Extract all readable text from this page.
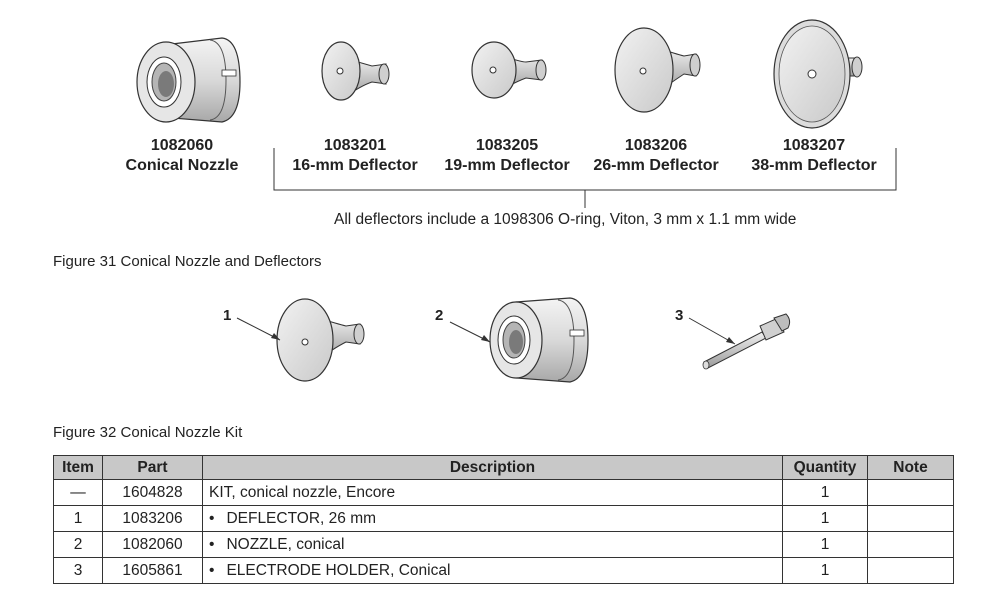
1082060
Conical Nozzle
1083201
16-mm Deflector
1083205
19-mm Deflector
1083206
26-mm Deflector
1083207
38-mm Deflector
All deflectors include a 1098306 O-ring, Viton, 3 mm x 1.1 mm wide
Figure 31 Conical Nozzle and Deflectors
1	2	3
Figure 32 Conical Nozzle Kit
Item	Part	Description	Quantity	Note
—	1604828	KIT, conical nozzle, Encore	1	
1	1083206	• DEFLECTOR, 26 mm	1	
2	1082060	• NOZZLE, conical	1	
3	1605861	• ELECTRODE HOLDER, Conical	1	
